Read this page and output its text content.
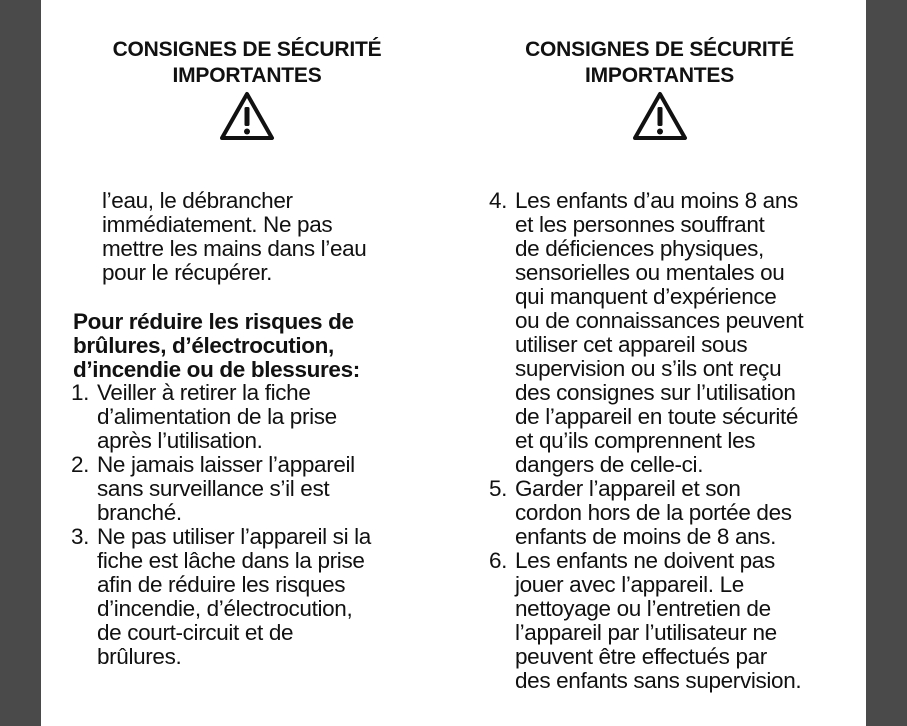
CONSIGNES DE SÉCURITÉ
IMPORTANTES

l’eau, le débrancher

immédiatement. Ne pas

mettre les mains dans l’eau

pour le récupérer.

Pour réduire les risques de

brûlures, d’électrocution,

d’incendie ou de blessures:

1. Veiller à retirer la fiche

d’alimentation de la prise

après l’utilisation.

2. Ne jamais laisser l’appareil

sans surveillance s’il est

branché.

3. Ne pas utiliser l’appareil si la

fiche est lâche dans la prise

afin de réduire les risques

d’incendie, d’électrocution,

de court-circuit et de

brûlures.

CONSIGNES DE SÉCURITÉ
IMPORTANTES
4. Les enfants d’au moins 8 ans

et les personnes souffrant

de déficiences physiques,

sensorielles ou mentales ou

qui manquent d’expérience

ou de connaissances peuvent

utiliser cet appareil sous

supervision ou s’ils ont reçu

des consignes sur l’utilisation

de l’appareil en toute sécurité

et qu’ils comprennent les

dangers de celle-ci.

5. Garder l’appareil et son

cordon hors de la portée des

enfants de moins de 8 ans.

6. Les enfants ne doivent pas

jouer avec l’appareil. Le

nettoyage ou l’entretien de

l’appareil par l’utilisateur ne

peuvent être effectués par

des enfants sans supervision.
